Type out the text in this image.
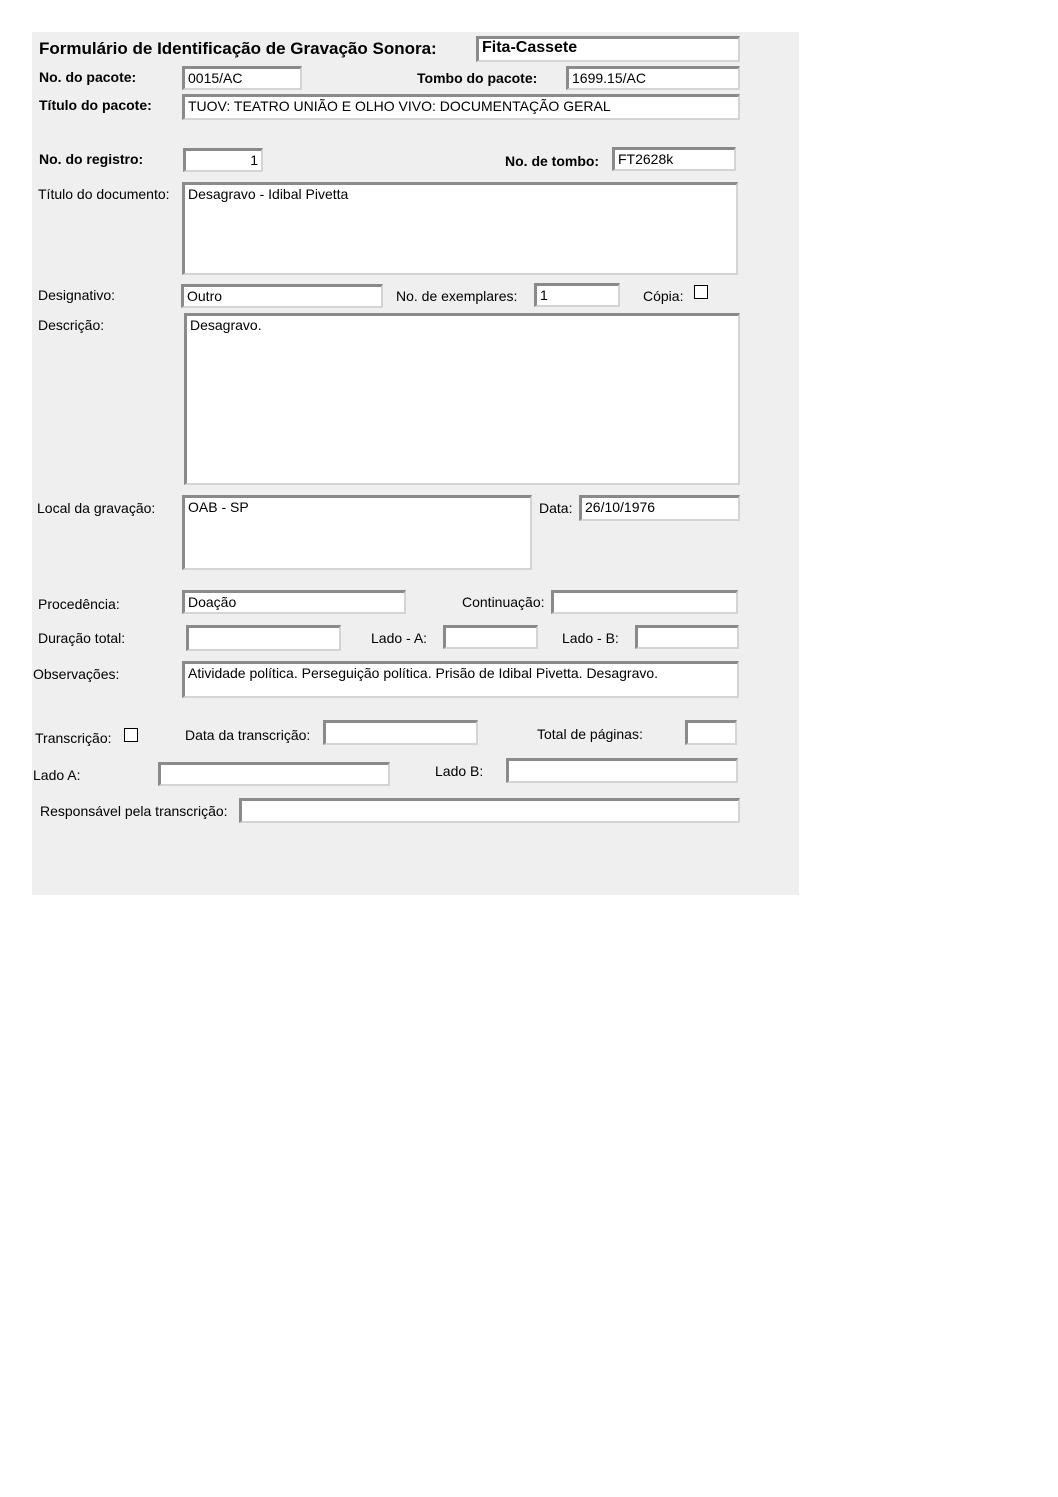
Formulário de Identificação de Gravação Sonora:	Fita-Cassete
No. do pacote:	0015/AC	Tombo do pacote:	1699.15/AC
Título do pacote:	TUOV: TEATRO UNIÃO E OLHO VIVO: DOCUMENTAÇÃO GERAL
No. do registro:	1	No. de tombo:	FT2628k
Título do documento:	Desagravo - Idibal Pivetta
Designativo:	Outro	No. de exemplares:	1	Cópia:
Descrição:	Desagravo.
Local da gravação:	OAB - SP	Data: 26/10/1976
Procedência:	Doação	Continuação:
Duração total:	Lado - A:	Lado - B:
Observações:	Atividade política. Perseguição política. Prisão de Idibal Pivetta. Desagravo.
Transcrição:	Data da transcrição:	Total de páginas:
Lado A:	Lado B:
Responsável pela transcrição:
